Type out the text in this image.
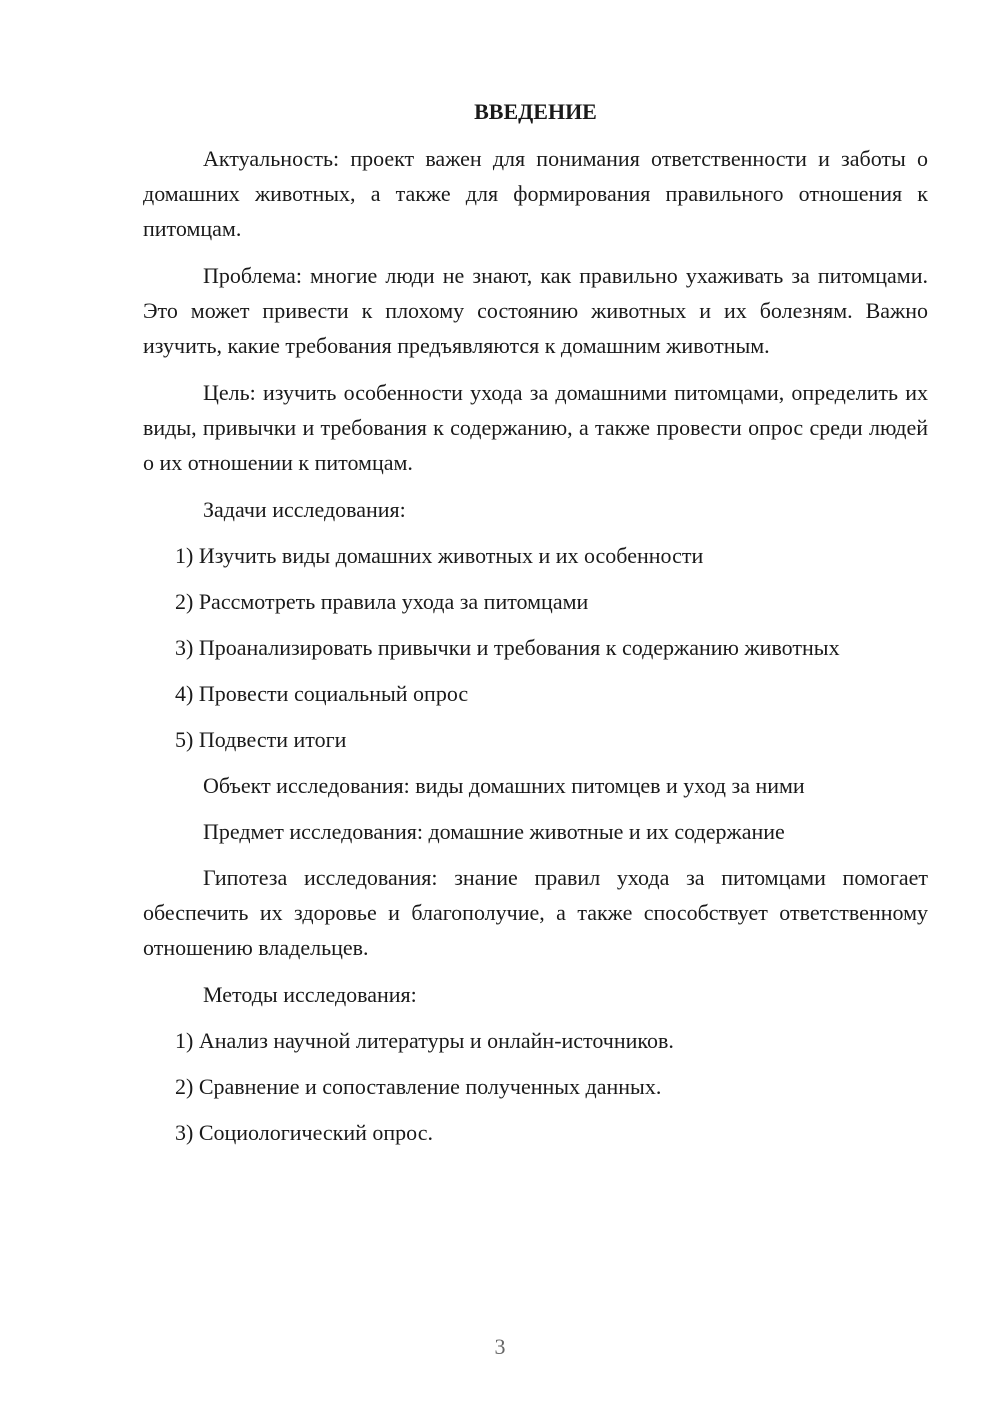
ВВЕДЕНИЕ
Актуальность: проект важен для понимания ответственности и заботы о домашних животных, а также для формирования правильного отношения к питомцам.
Проблема: многие люди не знают, как правильно ухаживать за питомцами. Это может привести к плохому состоянию животных и их болезням. Важно изучить, какие требования предъявляются к домашним животным.
Цель: изучить особенности ухода за домашними питомцами, определить их виды, привычки и требования к содержанию, а также провести опрос среди людей о их отношении к питомцам.
Задачи исследования:
1) Изучить виды домашних животных и их особенности
2) Рассмотреть правила ухода за питомцами
3) Проанализировать привычки и требования к содержанию животных
4) Провести социальный опрос
5) Подвести итоги
Объект исследования: виды домашних питомцев и уход за ними
Предмет исследования: домашние животные и их содержание
Гипотеза исследования: знание правил ухода за питомцами помогает обеспечить их здоровье и благополучие, а также способствует ответственному отношению владельцев.
Методы исследования:
1) Анализ научной литературы и онлайн-источников.
2) Сравнение и сопоставление полученных данных.
3) Социологический опрос.
3
